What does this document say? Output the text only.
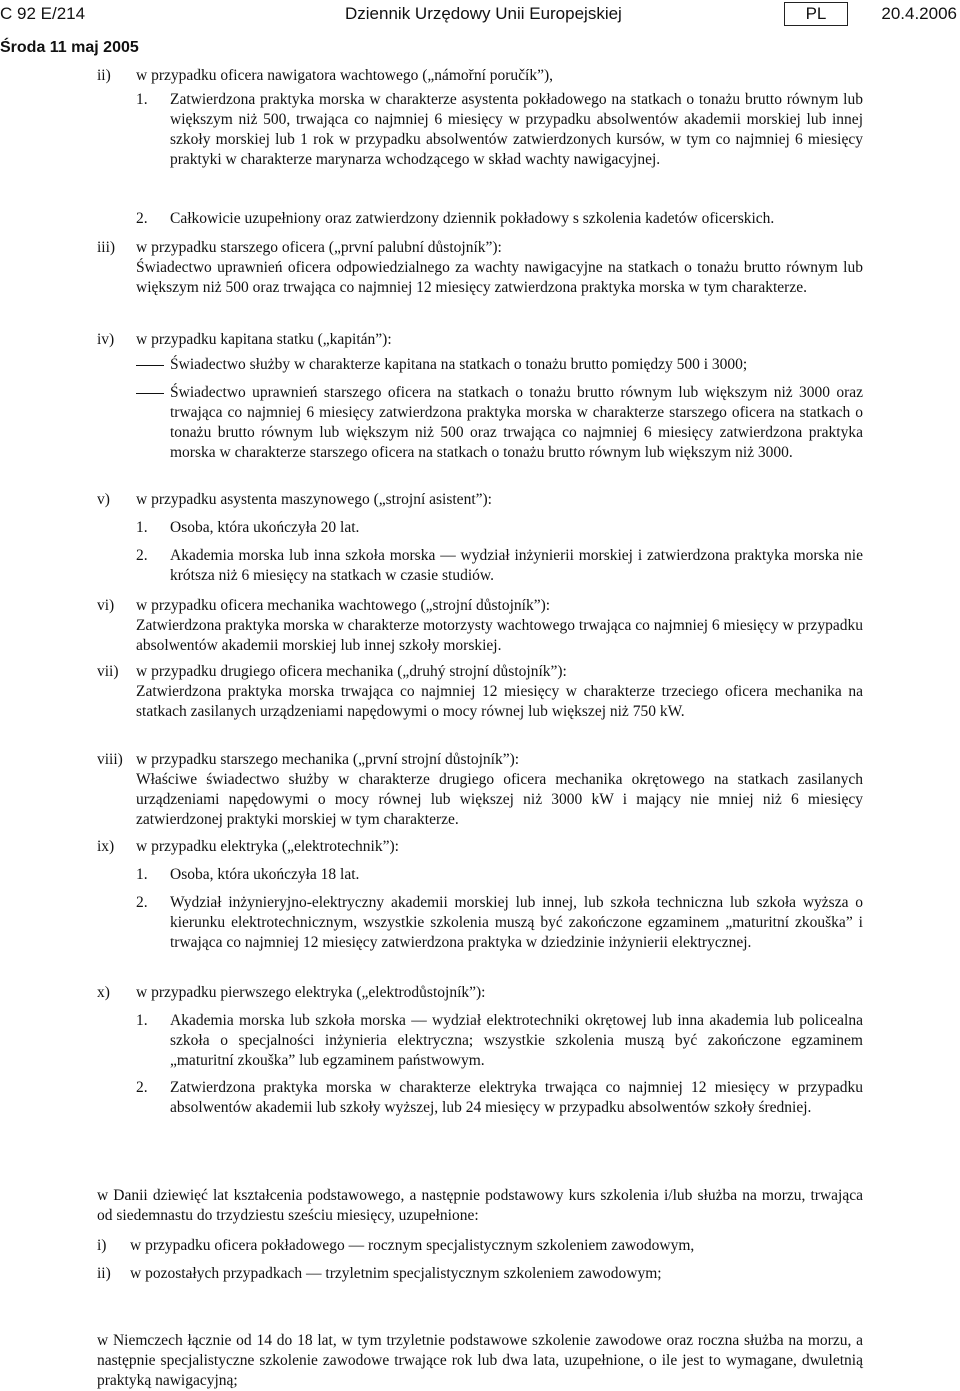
C 92 E/214	Dziennik Urzędowy Unii Europejskiej	PL	20.4.2006
Środa 11 maj 2005
ii) w przypadku oficera nawigatora wachtowego („námořní poručík”),
1. Zatwierdzona praktyka morska w charakterze asystenta pokładowego na statkach o tonażu brutto równym lub większym niż 500, trwająca co najmniej 6 miesięcy w przypadku absolwentów akademii morskiej lub innej szkoły morskiej lub 1 rok w przypadku absolwentów zatwierdzonych kursów, w tym co najmniej 6 miesięcy praktyki w charakterze marynarza wchodzącego w skład wachty nawigacyjnej.
2. Całkowicie uzupełniony oraz zatwierdzony dziennik pokładowy s szkolenia kadetów oficerskich.
iii) w przypadku starszego oficera („první palubní důstojník”):
Świadectwo uprawnień oficera odpowiedzialnego za wachty nawigacyjne na statkach o tonażu brutto równym lub większym niż 500 oraz trwająca co najmniej 12 miesięcy zatwierdzona praktyka morska w tym charakterze.
iv) w przypadku kapitana statku („kapitán”):
Świadectwo służby w charakterze kapitana na statkach o tonażu brutto pomiędzy 500 i 3000;
Świadectwo uprawnień starszego oficera na statkach o tonażu brutto równym lub większym niż 3000 oraz trwająca co najmniej 6 miesięcy zatwierdzona praktyka morska w charakterze starszego oficera na statkach o tonażu brutto równym lub większym niż 500 oraz trwająca co najmniej 6 miesięcy zatwierdzona praktyka morska w charakterze starszego oficera na statkach o tonażu brutto równym lub większym niż 3000.
v) w przypadku asystenta maszynowego („strojní asistent”):
1. Osoba, która ukończyła 20 lat.
2. Akademia morska lub inna szkoła morska — wydział inżynierii morskiej i zatwierdzona praktyka morska nie krótsza niż 6 miesięcy na statkach w czasie studiów.
vi) w przypadku oficera mechanika wachtowego („strojní důstojník”):
Zatwierdzona praktyka morska w charakterze motorzysty wachtowego trwająca co najmniej 6 miesięcy w przypadku absolwentów akademii morskiej lub innej szkoły morskiej.
vii) w przypadku drugiego oficera mechanika („druhý strojní důstojník”):
Zatwierdzona praktyka morska trwająca co najmniej 12 miesięcy w charakterze trzeciego oficera mechanika na statkach zasilanych urządzeniami napędowymi o mocy równej lub większej niż 750 kW.
viii) w przypadku starszego mechanika („první strojní důstojník”):
Właściwe świadectwo służby w charakterze drugiego oficera mechanika okrętowego na statkach zasilanych urządzeniami napędowymi o mocy równej lub większej niż 3000 kW i mający nie mniej niż 6 miesięcy zatwierdzonej praktyki morskiej w tym charakterze.
ix) w przypadku elektryka („elektrotechnik”):
1. Osoba, która ukończyła 18 lat.
2. Wydział inżynieryjno-elektryczny akademii morskiej lub innej, lub szkoła techniczna lub szkoła wyższa o kierunku elektrotechnicznym, wszystkie szkolenia muszą być zakończone egzaminem „maturitní zkouška” i trwająca co najmniej 12 miesięcy zatwierdzona praktyka w dziedzinie inżynierii elektrycznej.
x) w przypadku pierwszego elektryka („elektrodůstojník”):
1. Akademia morska lub szkoła morska — wydział elektrotechniki okrętowej lub inna akademia lub policealna szkoła o specjalności inżynieria elektryczna; wszystkie szkolenia muszą być zakończone egzaminem „maturitní zkouška” lub egzaminem państwowym.
2. Zatwierdzona praktyka morska w charakterze elektryka trwająca co najmniej 12 miesięcy w przypadku absolwentów akademii lub szkoły wyższej, lub 24 miesięcy w przypadku absolwentów szkoły średniej.
w Danii dziewięć lat kształcenia podstawowego, a następnie podstawowy kurs szkolenia i/lub służba na morzu, trwająca od siedemnastu do trzydziestu sześciu miesięcy, uzupełnione:
i) w przypadku oficera pokładowego — rocznym specjalistycznym szkoleniem zawodowym,
ii) w pozostałych przypadkach — trzyletnim specjalistycznym szkoleniem zawodowym;
w Niemczech łącznie od 14 do 18 lat, w tym trzyletnie podstawowe szkolenie zawodowe oraz roczna służba na morzu, a następnie specjalistyczne szkolenie zawodowe trwające rok lub dwa lata, uzupełnione, o ile jest to wymagane, dwuletnią praktyką nawigacyjną;
